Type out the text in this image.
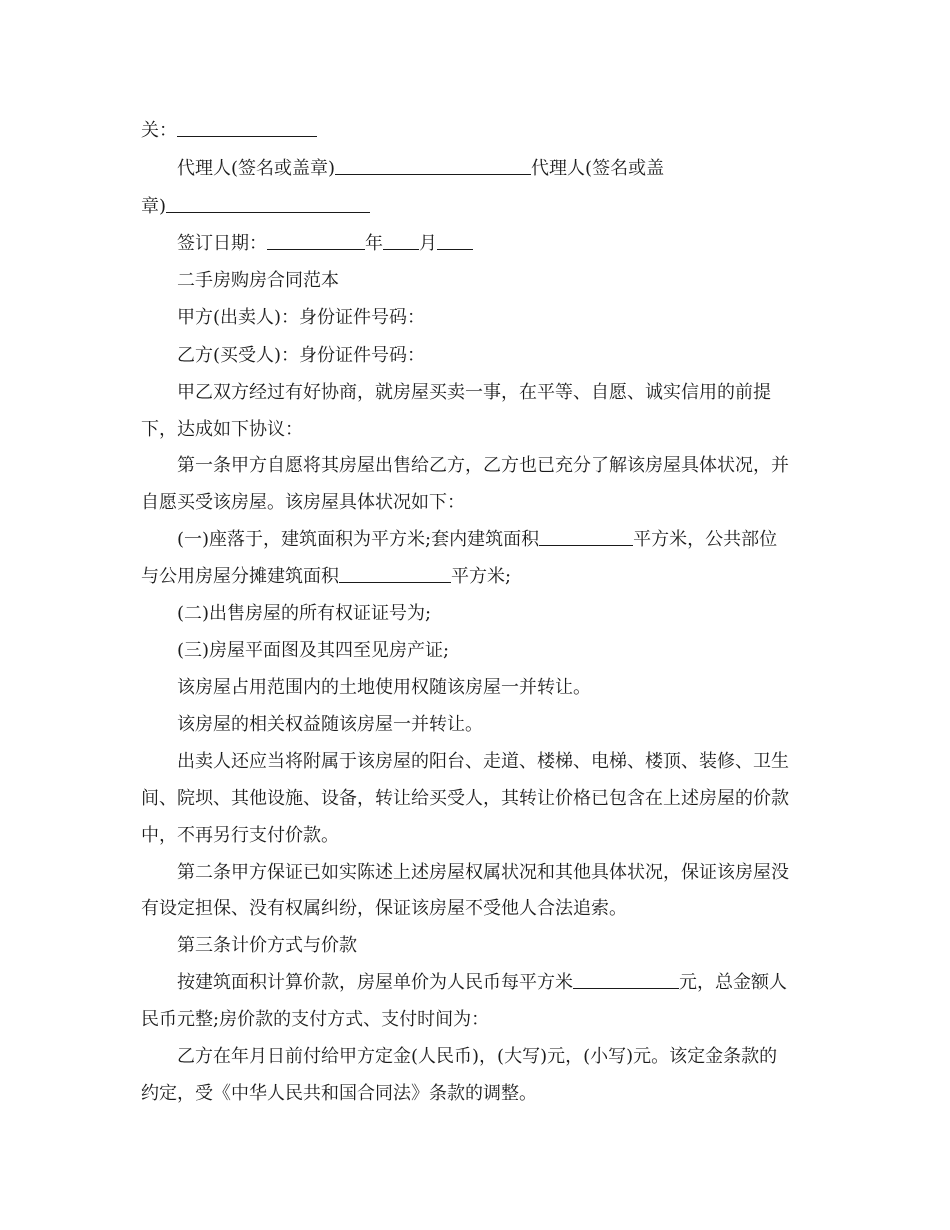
关：
代理人(签名或盖章)	代理人(签名或盖
章)
签订日期：	年 月
二手房购房合同范本
甲方(出卖人)：身份证件号码：
乙方(买受人)：身份证件号码：
甲乙双方经过有好协商，就房屋买卖一事，在平等、自愿、诚实信用的前提
下，达成如下协议：
第一条甲方自愿将其房屋出售给乙方，乙方也已充分了解该房屋具体状况，并
自愿买受该房屋。该房屋具体状况如下：
(一)座落于，建筑面积为平方米;套内建筑面积	平方米，公共部位
与公用房屋分摊建筑面积	平方米;
(二)出售房屋的所有权证证号为;
(三)房屋平面图及其四至见房产证;
该房屋占用范围内的土地使用权随该房屋一并转让。
该房屋的相关权益随该房屋一并转让。
出卖人还应当将附属于该房屋的阳台、走道、楼梯、电梯、楼顶、装修、卫生
间、院坝、其他设施、设备，转让给买受人，其转让价格已包含在上述房屋的价款
中，不再另行支付价款。
第二条甲方保证已如实陈述上述房屋权属状况和其他具体状况，保证该房屋没
有设定担保、没有权属纠纷，保证该房屋不受他人合法追索。
第三条计价方式与价款
按建筑面积计算价款，房屋单价为人民币每平方米	元，总金额人
民币元整;房价款的支付方式、支付时间为：
乙方在年月日前付给甲方定金(人民币)，(大写)元，(小写)元。该定金条款的
约定，受《中华人民共和国合同法》条款的调整。
